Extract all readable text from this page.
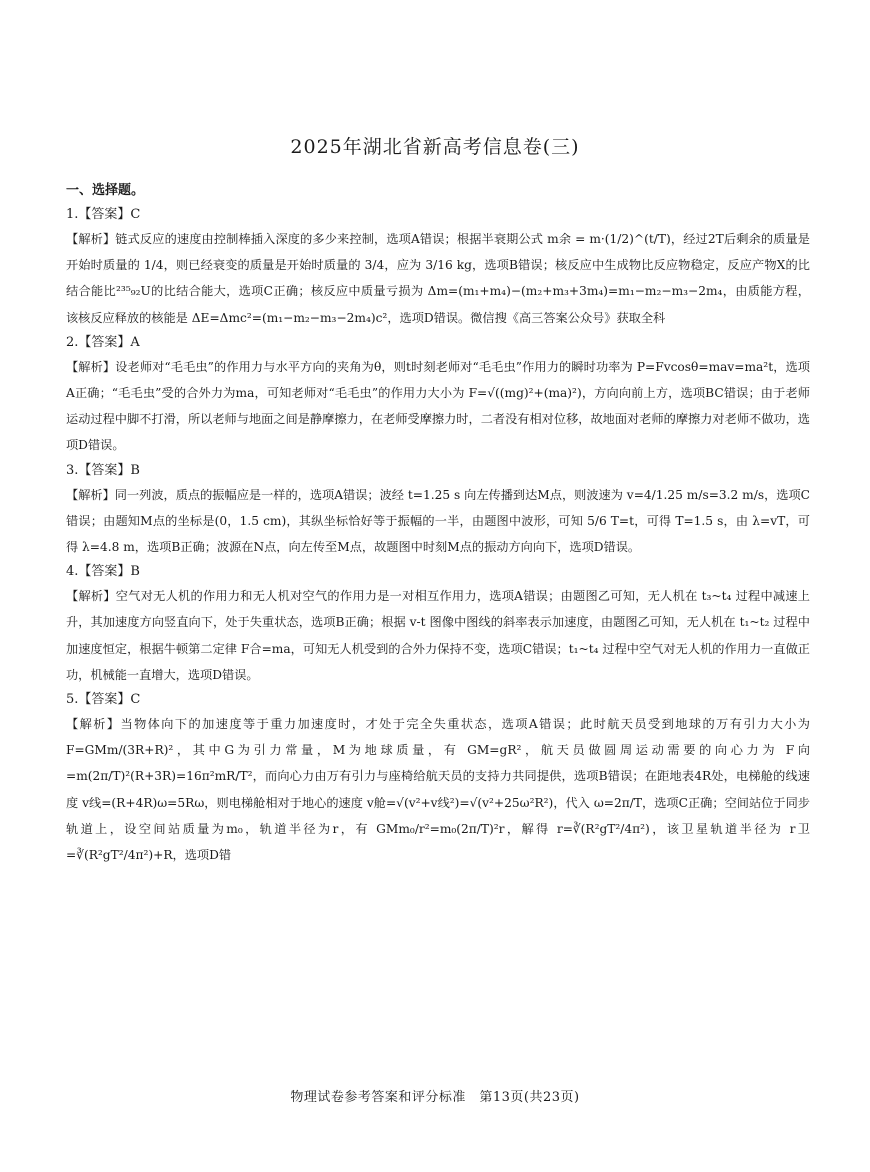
2025年湖北省新高考信息卷(三)
一、选择题。
1.【答案】C
【解析】链式反应的速度由控制棒插入深度的多少来控制，选项A错误；根据半衰期公式 m余 = m·(1/2)^(t/T)，经过2T后剩余的质量是开始时质量的 1/4，则已经衰变的质量是开始时质量的 3/4，应为 3/16 kg，选项B错误；核反应中生成物比反应物稳定，反应产物X的比结合能比²³⁵₉₂U的比结合能大，选项C正确；核反应中质量亏损为 Δm=(m₁+m₄)−(m₂+m₃+3m₄)=m₁−m₂−m₃−2m₄，由质能方程，该核反应释放的核能是 ΔE=Δmc²=(m₁−m₂−m₃−2m₄)c²，选项D错误。微信搜《高三答案公众号》获取全科
2.【答案】A
【解析】设老师对“毛毛虫”的作用力与水平方向的夹角为θ，则t时刻老师对“毛毛虫”作用力的瞬时功率为 P=Fvcosθ=mav=ma²t，选项A正确；“毛毛虫”受的合外力为ma，可知老师对“毛毛虫”的作用力大小为 F=√((mg)²+(ma)²)，方向向前上方，选项BC错误；由于老师运动过程中脚不打滑，所以老师与地面之间是静摩擦力，在老师受摩擦力时，二者没有相对位移，故地面对老师的摩擦力对老师不做功，选项D错误。
3.【答案】B
【解析】同一列波，质点的振幅应是一样的，选项A错误；波经 t=1.25 s 向左传播到达M点，则波速为 v=4/1.25 m/s=3.2 m/s，选项C错误；由题知M点的坐标是(0，1.5 cm)，其纵坐标恰好等于振幅的一半，由题图中波形，可知 5/6 T=t，可得 T=1.5 s，由 λ=vT，可得 λ=4.8 m，选项B正确；波源在N点，向左传至M点，故题图中时刻M点的振动方向向下，选项D错误。
4.【答案】B
【解析】空气对无人机的作用力和无人机对空气的作用力是一对相互作用力，选项A错误；由题图乙可知，无人机在 t₃~t₄ 过程中减速上升，其加速度方向竖直向下，处于失重状态，选项B正确；根据 v-t 图像中图线的斜率表示加速度，由题图乙可知，无人机在 t₁~t₂ 过程中加速度恒定，根据牛顿第二定律 F合=ma，可知无人机受到的合外力保持不变，选项C错误；t₁~t₄ 过程中空气对无人机的作用力一直做正功，机械能一直增大，选项D错误。
5.【答案】C
【解析】当物体向下的加速度等于重力加速度时，才处于完全失重状态，选项A错误；此时航天员受到地球的万有引力大小为 F=GMm/(3R+R)²，其中G为引力常量，M为地球质量，有 GM=gR²，航天员做圆周运动需要的向心力为 F向=m(2π/T)²(R+3R)=16π²mR/T²，而向心力由万有引力与座椅给航天员的支持力共同提供，选项B错误；在距地表4R处，电梯舱的线速度 v线=(R+4R)ω=5Rω，则电梯舱相对于地心的速度 v舱=√(v²+v线²)=√(v²+25ω²R²)，代入 ω=2π/T，选项C正确；空间站位于同步轨道上，设空间站质量为m₀，轨道半径为r，有 GMm₀/r²=m₀(2π/T)²r，解得 r=∛(R²gT²/4π²)，该卫星轨道半径为 r卫=∛(R²gT²/4π²)+R，选项D错
物理试卷参考答案和评分标准　第13页(共23页)
